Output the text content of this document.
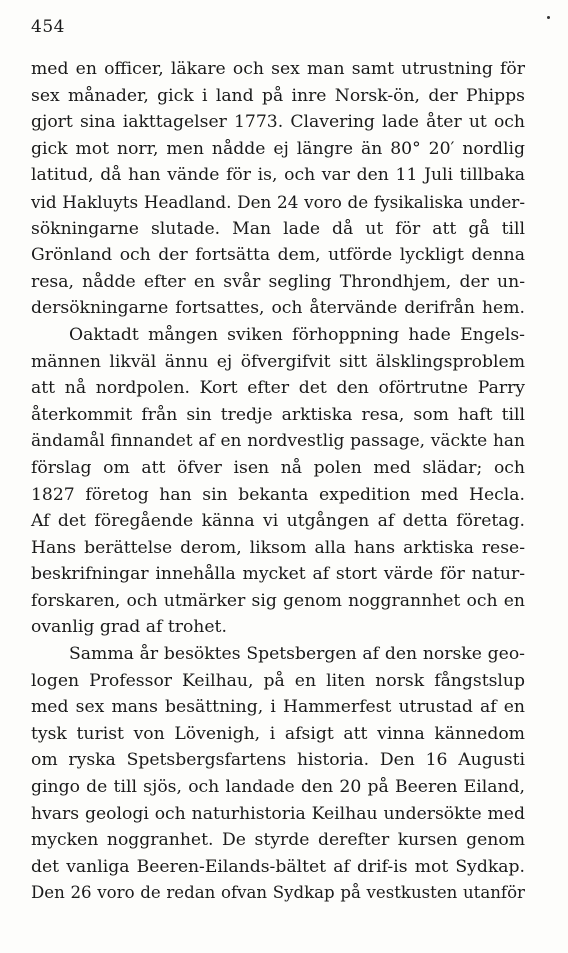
454
med en officer, läkare och sex man samt utrustning för
sex månader, gick i land på inre Norsk-ön, der Phipps
gjort sina iakttagelser 1773. Clavering lade åter ut och
gick mot norr, men nådde ej längre än 80° 20′ nordlig
latitud, då han vände för is, och var den 11 Juli tillbaka
vid Hakluyts Headland. Den 24 voro de fysikaliska under-
sökningarne slutade. Man lade då ut för att gå till
Grönland och der fortsätta dem, utförde lyckligt denna
resa, nådde efter en svår segling Throndhjem, der un-
dersökningarne fortsattes, och återvände derifrån hem.
Oaktadt mången sviken förhoppning hade Engels-
männen likväl ännu ej öfvergifvit sitt älsklingsproblem
att nå nordpolen. Kort efter det den oförtrutne Parry
återkommit från sin tredje arktiska resa, som haft till
ändamål finnandet af en nordvestlig passage, väckte han
förslag om att öfver isen nå polen med slädar; och
1827 företog han sin bekanta expedition med Hecla.
Af det föregående känna vi utgången af detta företag.
Hans berättelse derom, liksom alla hans arktiska rese-
beskrifningar innehålla mycket af stort värde för natur-
forskaren, och utmärker sig genom noggrannhet och en
ovanlig grad af trohet.
Samma år besöktes Spetsbergen af den norske geo-
logen Professor Keilhau, på en liten norsk fångstslup
med sex mans besättning, i Hammerfest utrustad af en
tysk turist von Lövenigh, i afsigt att vinna kännedom
om ryska Spetsbergsfartens historia. Den 16 Augusti
gingo de till sjös, och landade den 20 på Beeren Eiland,
hvars geologi och naturhistoria Keilhau undersökte med
mycken noggranhet. De styrde derefter kursen genom
det vanliga Beeren-Eilands-bältet af drif-is mot Sydkap.
Den 26 voro de redan ofvan Sydkap på vestkusten utanför
